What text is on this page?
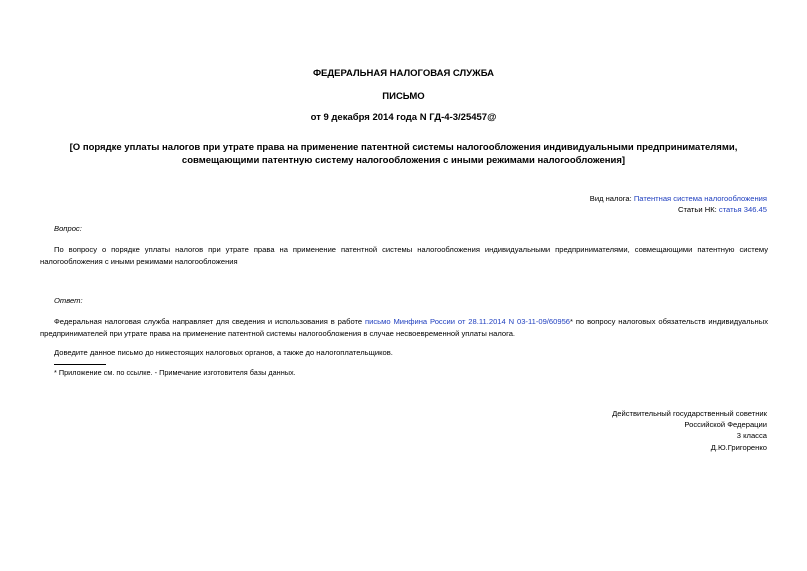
ФЕДЕРАЛЬНАЯ НАЛОГОВАЯ СЛУЖБА
ПИСЬМО
от 9 декабря 2014 года N ГД-4-3/25457@
[О порядке уплаты налогов при утрате права на применение патентной системы налогообложения индивидуальными предпринимателями, совмещающими патентную систему налогообложения с иными режимами налогообложения]
Вид налога: Патентная система налогообложения
Статьи НК: статья 346.45
Вопрос:
По вопросу о порядке уплаты налогов при утрате права на применение патентной системы налогообложения индивидуальными предпринимателями, совмещающими патентную систему налогообложения с иными режимами налогообложения
Ответ:
Федеральная налоговая служба направляет для сведения и использования в работе письмо Минфина России от 28.11.2014 N 03-11-09/60956* по вопросу налоговых обязательств индивидуальных предпринимателей при утрате права на применение патентной системы налогообложения в случае несвоевременной уплаты налога.
Доведите данное письмо до нижестоящих налоговых органов, а также до налогоплательщиков.
* Приложение см. по ссылке. - Примечание изготовителя базы данных.
Действительный государственный советник
Российской Федерации
3 класса
Д.Ю.Григоренко
